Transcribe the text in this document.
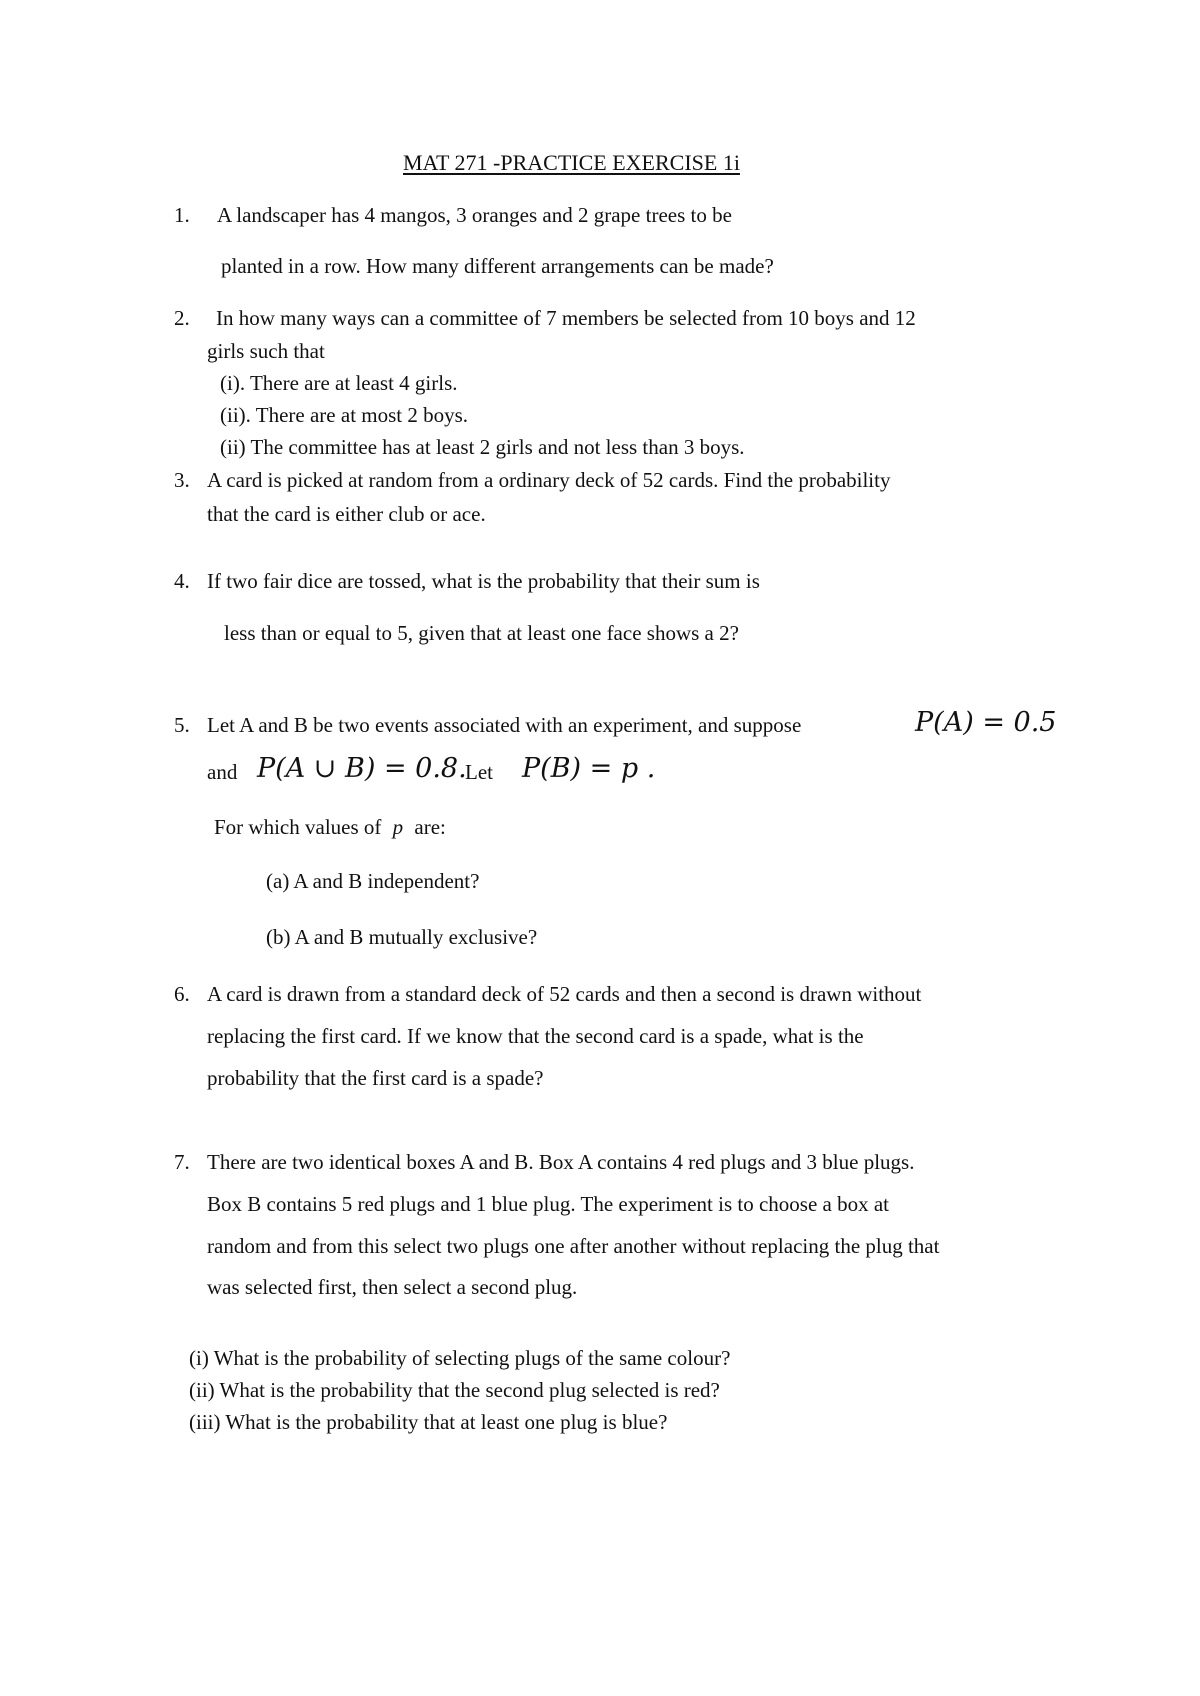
MAT 271 -PRACTICE EXERCISE 1i
1. A landscaper has 4 mangos, 3 oranges and 2 grape trees to be
planted in a row. How many different arrangements can be made?
2. In how many ways can a committee of 7 members be selected from 10 boys and 12
girls such that
(i). There are at least 4 girls.
(ii). There are at most 2 boys.
(ii) The committee has at least 2 girls and not less than 3 boys.
3. A card is picked at random from a ordinary deck of 52 cards. Find the probability
that the card is either club or ace.
4. If two fair dice are tossed, what is the probability that their sum is
less than or equal to 5, given that at least one face shows a 2?
5. Let A and B be two events associated with an experiment, and suppose	P(A) = 0.5
and P(A ∪ B) = 0.8.
Let P(B) = p .
For which values of p are:
(a) A and B independent?
(b) A and B mutually exclusive?
6. A card is drawn from a standard deck of 52 cards and then a second is drawn without
replacing the first card. If we know that the second card is a spade, what is the
probability that the first card is a spade?
7. There are two identical boxes A and B. Box A contains 4 red plugs and 3 blue plugs.
Box B contains 5 red plugs and 1 blue plug. The experiment is to choose a box at
random and from this select two plugs one after another without replacing the plug that
was selected first, then select a second plug.
(i) What is the probability of selecting plugs of the same colour?
(ii) What is the probability that the second plug selected is red?
(iii) What is the probability that at least one plug is blue?
